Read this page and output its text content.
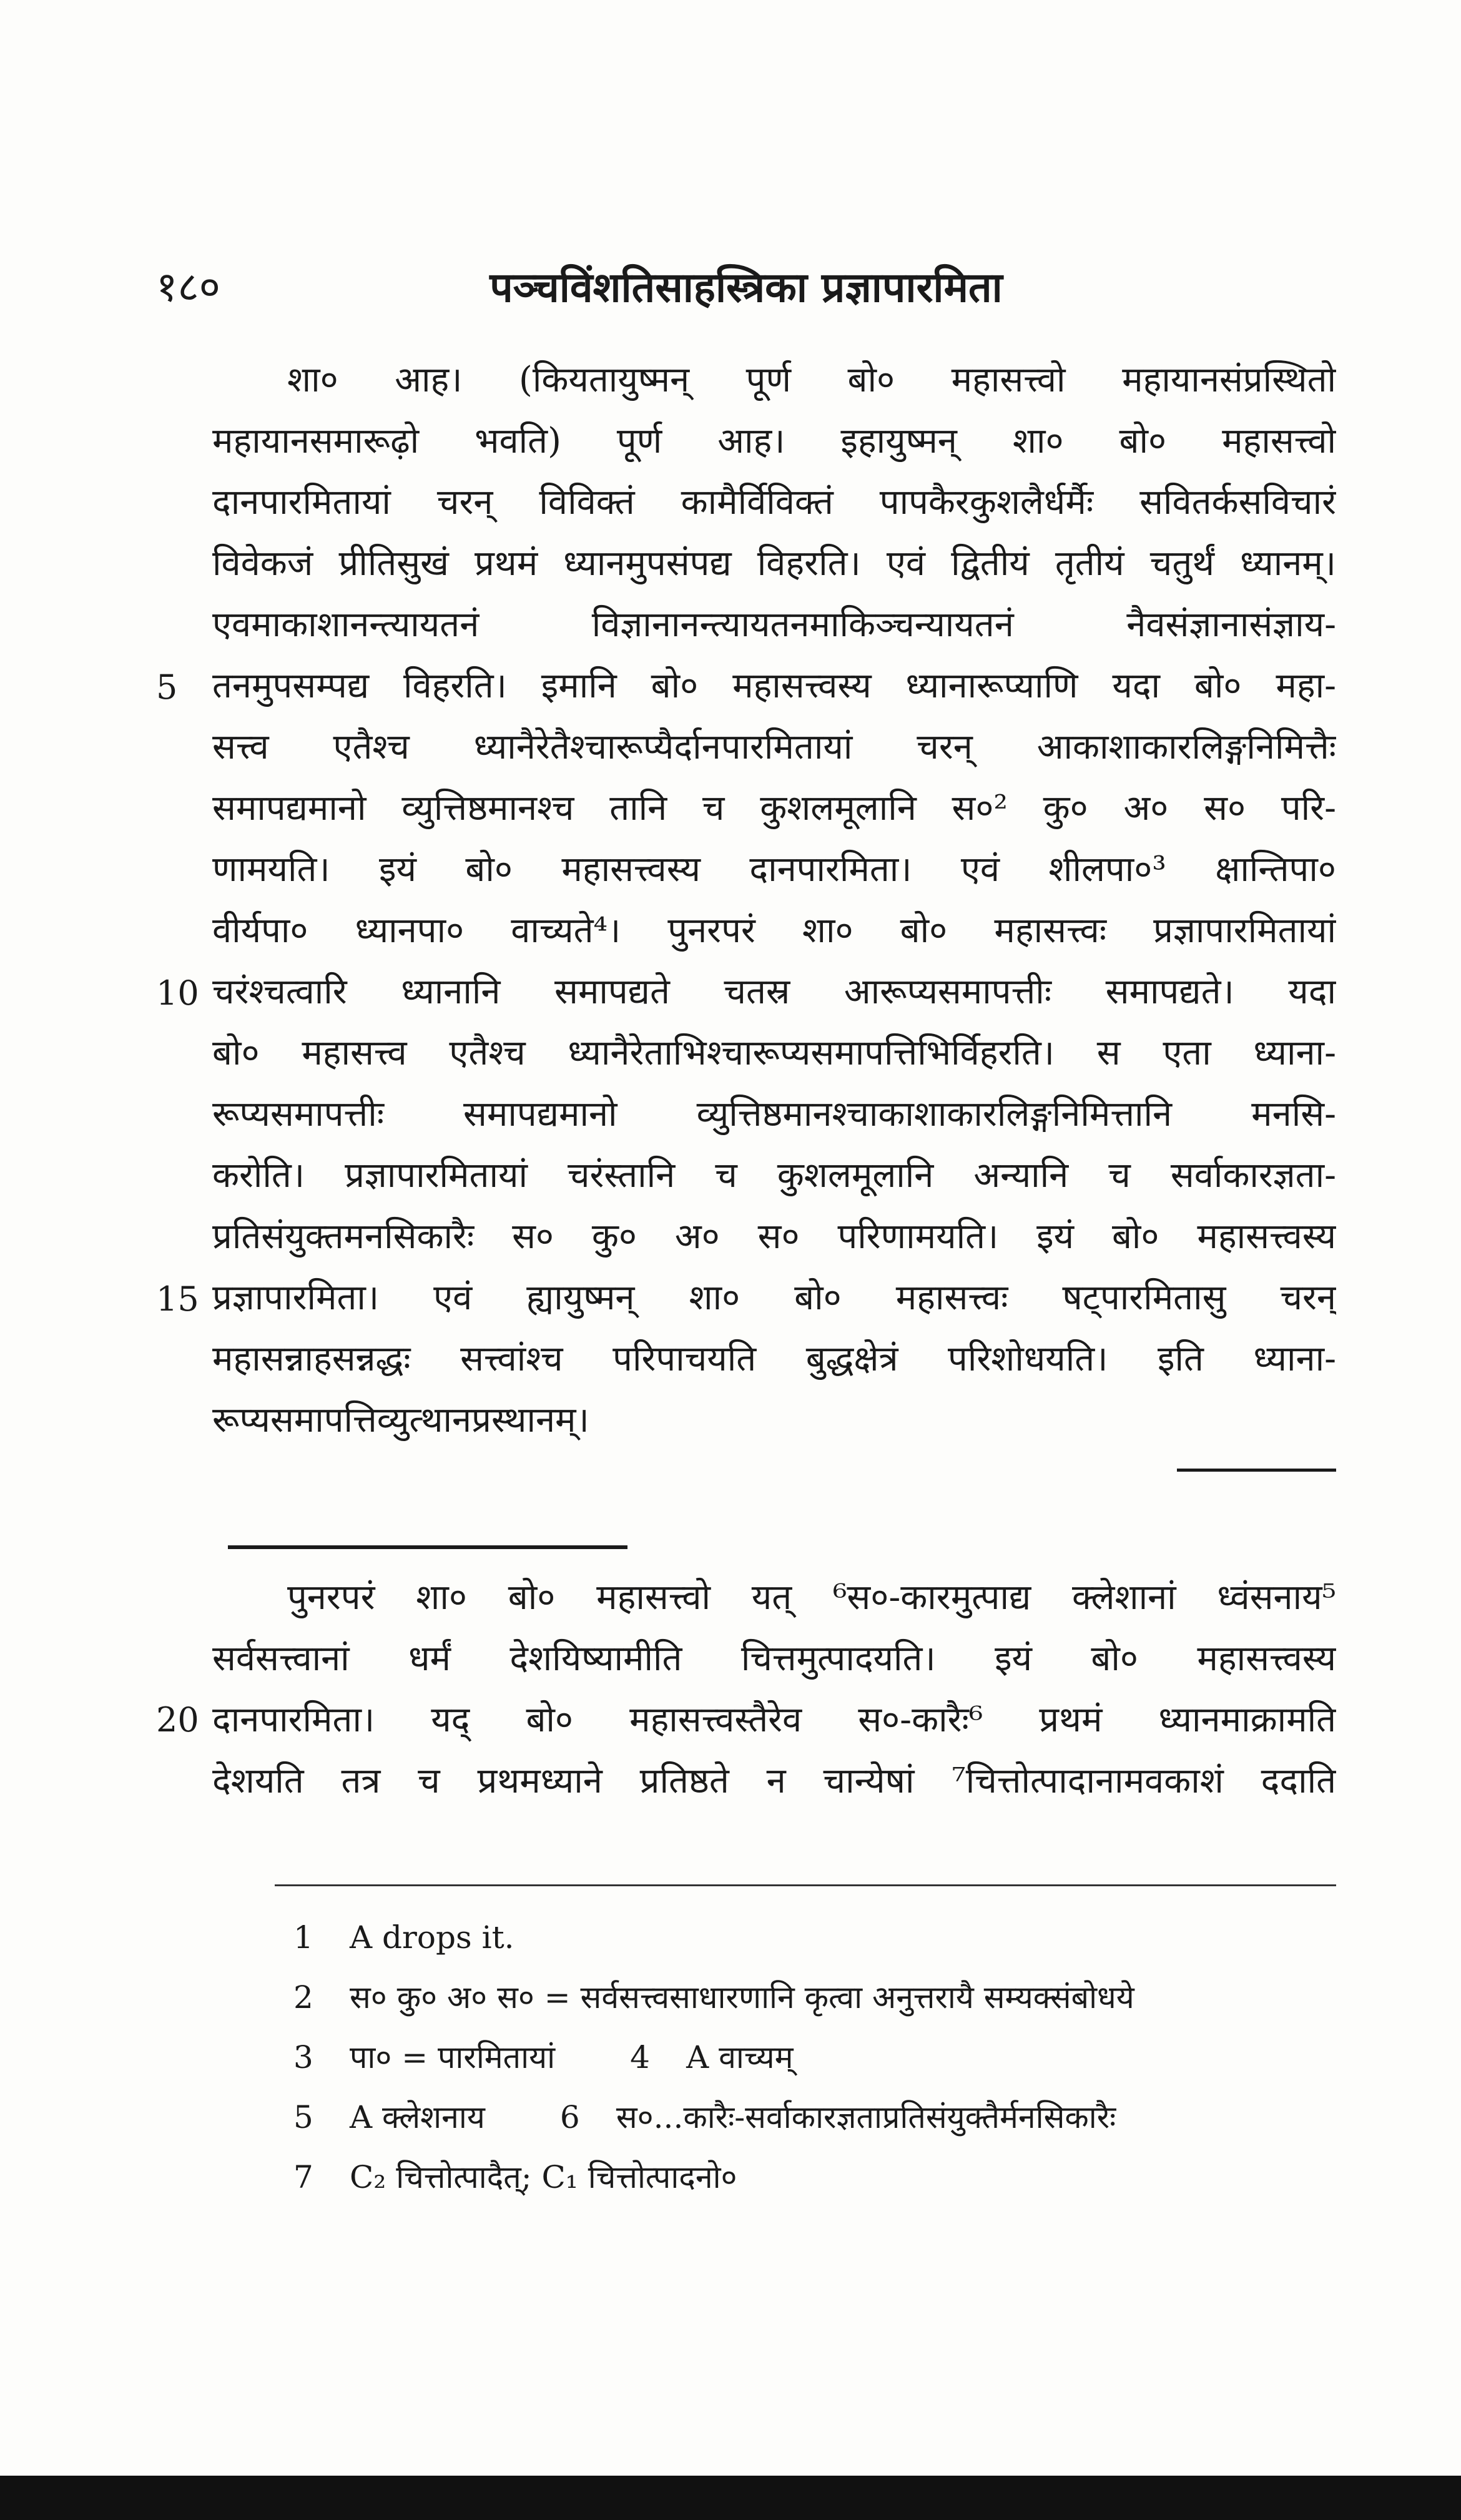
१८०	पञ्चविंशतिसाहस्त्रिका प्रज्ञापारमिता
शा० आह। (कियतायुष्मन् पूर्ण बो० महासत्त्वो महायानसंप्रस्थितो
महायानसमारूढ़ो भवति) पूर्ण आह। इहायुष्मन् शा० बो० महासत्त्वो
दानपारमितायां चरन् विविक्तं कामैर्विविक्तं पापकैरकुशलैर्धर्मैः सवितर्कसविचारं
विवेकजं प्रीतिसुखं प्रथमं ध्यानमुपसंपद्य विहरति। एवं द्वितीयं तृतीयं चतुर्थं ध्यानम्।
एवमाकाशानन्त्यायतनं विज्ञानानन्त्यायतनमाकिञ्चन्यायतनं नैवसंज्ञानासंज्ञाय-
तनमुपसम्पद्य विहरति। इमानि बो० महासत्त्वस्य ध्यानारूप्याणि यदा बो० महा-
सत्त्व एतैश्च ध्यानैरेतैश्चारूप्यैर्दानपारमितायां चरन् आकाशाकारलिङ्गनिमित्तैः
समापद्यमानो व्युत्तिष्ठमानश्च तानि च कुशलमूलानि स०² कु० अ० स० परि-
णामयति। इयं बो० महासत्त्वस्य दानपारमिता। एवं शीलपा०³ क्षान्तिपा०
वीर्यपा० ध्यानपा० वाच्यते⁴। पुनरपरं शा० बो० महासत्त्वः प्रज्ञापारमितायां
चरंश्चत्वारि ध्यानानि समापद्यते चतस्र आरूप्यसमापत्तीः समापद्यते। यदा
बो० महासत्त्व एतैश्च ध्यानैरेताभिश्चारूप्यसमापत्तिभिर्विहरति। स एता ध्याना-
रूप्यसमापत्तीः समापद्यमानो व्युत्तिष्ठमानश्चाकाशाकारलिङ्गनिमित्तानि मनसि-
करोति। प्रज्ञापारमितायां चरंस्तानि च कुशलमूलानि अन्यानि च सर्वाकारज्ञता-
प्रतिसंयुक्तमनसिकारैः स० कु० अ० स० परिणामयति। इयं बो० महासत्त्वस्य
प्रज्ञापारमिता। एवं ह्यायुष्मन् शा० बो० महासत्त्वः षट्पारमितासु चरन्
महासन्नाहसन्नद्धः सत्त्वांश्च परिपाचयति बुद्धक्षेत्रं परिशोधयति। इति ध्याना-
रूप्यसमापत्तिव्युत्थानप्रस्थानम्।
पुनरपरं शा० बो० महासत्त्वो यत् ⁶स०-कारमुत्पाद्य क्लेशानां ध्वंसनाय⁵
सर्वसत्त्वानां धर्मं देशयिष्यामीति चित्तमुत्पादयति। इयं बो० महासत्त्वस्य
दानपारमिता। यद् बो० महासत्त्वस्तैरेव स०-कारैः⁶ प्रथमं ध्यानमाक्रामति
देशयति तत्र च प्रथमध्याने प्रतिष्ठते न चान्येषां ⁷चित्तोत्पादानामवकाशं ददाति
5
10
15
20
1 A drops it.
2 स० कु० अ० स० = सर्वसत्त्वसाधारणानि कृत्वा अनुत्तरायै सम्यक्संबोधये
3 पा० = पारमितायां 4 A वाच्यम्
5 A क्लेशनाय 6 स०...कारैः-सर्वाकारज्ञताप्रतिसंयुक्तैर्मनसिकारैः
7 C₂ चित्तोत्पादैत्; C₁ चित्तोत्पादनो०
